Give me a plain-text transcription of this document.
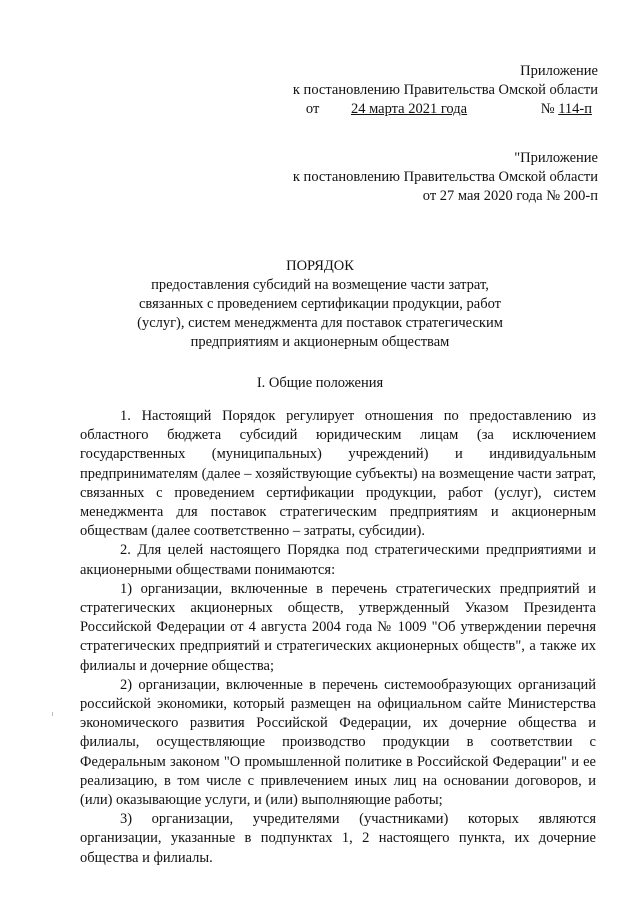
Приложение
к постановлению Правительства Омской области
от 24 марта 2021 года	№ 114-п
"Приложение
к постановлению Правительства Омской области
от 27 мая 2020 года № 200-п
ПОРЯДОК
предоставления субсидий на возмещение части затрат,
связанных с проведением сертификации продукции, работ
(услуг), систем менеджмента для поставок стратегическим
предприятиям и акционерным обществам
I. Общие положения

1. Настоящий Порядок регулирует отношения по предоставлению из областного бюджета субсидий юридическим лицам (за исключением государственных (муниципальных) учреждений) и индивидуальным предпринимателям (далее – хозяйствующие субъекты) на возмещение части затрат, связанных с проведением сертификации продукции, работ (услуг), систем менеджмента для поставок стратегическим предприятиям и акционерным обществам (далее соответственно – затраты, субсидии).

2. Для целей настоящего Порядка под стратегическими предприятиями и акционерными обществами понимаются:

1) организации, включенные в перечень стратегических предприятий и стратегических акционерных обществ, утвержденный Указом Президента Российской Федерации от 4 августа 2004 года № 1009 "Об утверждении перечня стратегических предприятий и стратегических акционерных обществ", а также их филиалы и дочерние общества;

2) организации, включенные в перечень системообразующих организаций российской экономики, который размещен на официальном сайте Министерства экономического развития Российской Федерации, их дочерние общества и филиалы, осуществляющие производство продукции в соответствии с Федеральным законом "О промышленной политике в Российской Федерации" и ее реализацию, в том числе с привлечением иных лиц на основании договоров, и (или) оказывающие услуги, и (или) выполняющие работы;

3) организации, учредителями (участниками) которых являются организации, указанные в подпунктах 1, 2 настоящего пункта, их дочерние общества и филиалы.
